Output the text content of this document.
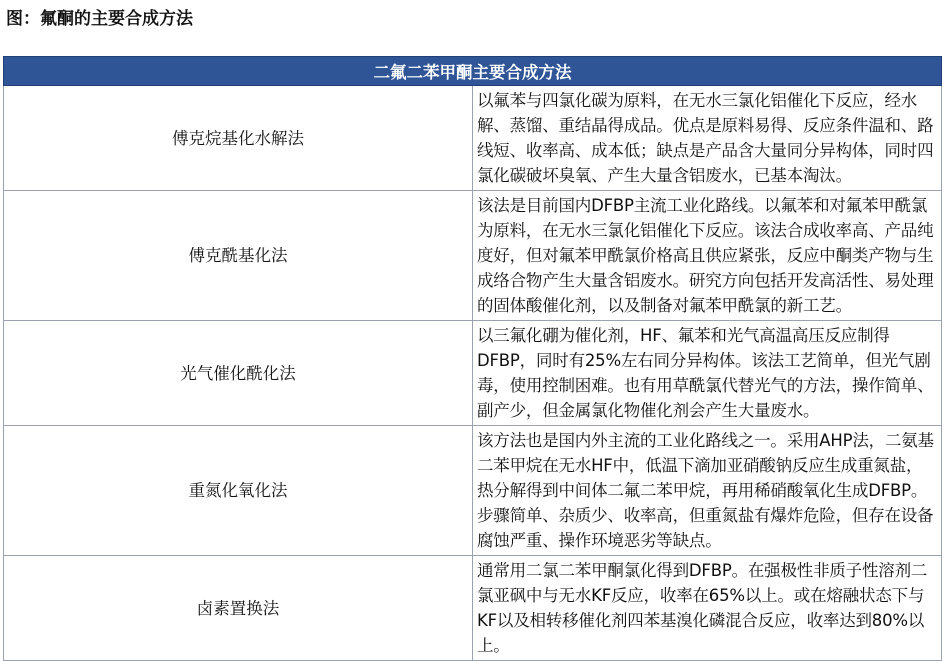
图：氟酮的主要合成方法
二氟二苯甲酮主要合成方法	
傅克烷基化水解法	以氟苯与四氯化碳为原料，在无水三氯化铝催化下反应，经水解、蒸馏、重结晶得成品。优点是原料易得、反应条件温和、路线短、收率高、成本低；缺点是产品含大量同分异构体，同时四氯化碳破坏臭氧、产生大量含铝废水，已基本淘汰。
傅克酰基化法	该法是目前国内DFBP主流工业化路线。以氟苯和对氟苯甲酰氯为原料，在无水三氯化铝催化下反应。该法合成收率高、产品纯度好，但对氟苯甲酰氯价格高且供应紧张，反应中酮类产物与生成络合物产生大量含铝废水。研究方向包括开发高活性、易处理的固体酸催化剂，以及制备对氟苯甲酰氯的新工艺。
光气催化酰化法	以三氟化硼为催化剂，HF、氟苯和光气高温高压反应制得DFBP，同时有25%左右同分异构体。该法工艺简单，但光气剧毒，使用控制困难。也有用草酰氯代替光气的方法，操作简单、副产少，但金属氯化物催化剂会产生大量废水。
重氮化氧化法	该方法也是国内外主流的工业化路线之一。采用AHP法，二氨基二苯甲烷在无水HF中，低温下滴加亚硝酸钠反应生成重氮盐，热分解得到中间体二氟二苯甲烷，再用稀硝酸氧化生成DFBP。步骤简单、杂质少、收率高，但重氮盐有爆炸危险，但存在设备腐蚀严重、操作环境恶劣等缺点。
卤素置换法	通常用二氯二苯甲酮氯化得到DFBP。在强极性非质子性溶剂二氯亚砜中与无水KF反应，收率在65%以上。或在熔融状态下与KF以及相转移催化剂四苯基溴化磷混合反应，收率达到80%以上。
